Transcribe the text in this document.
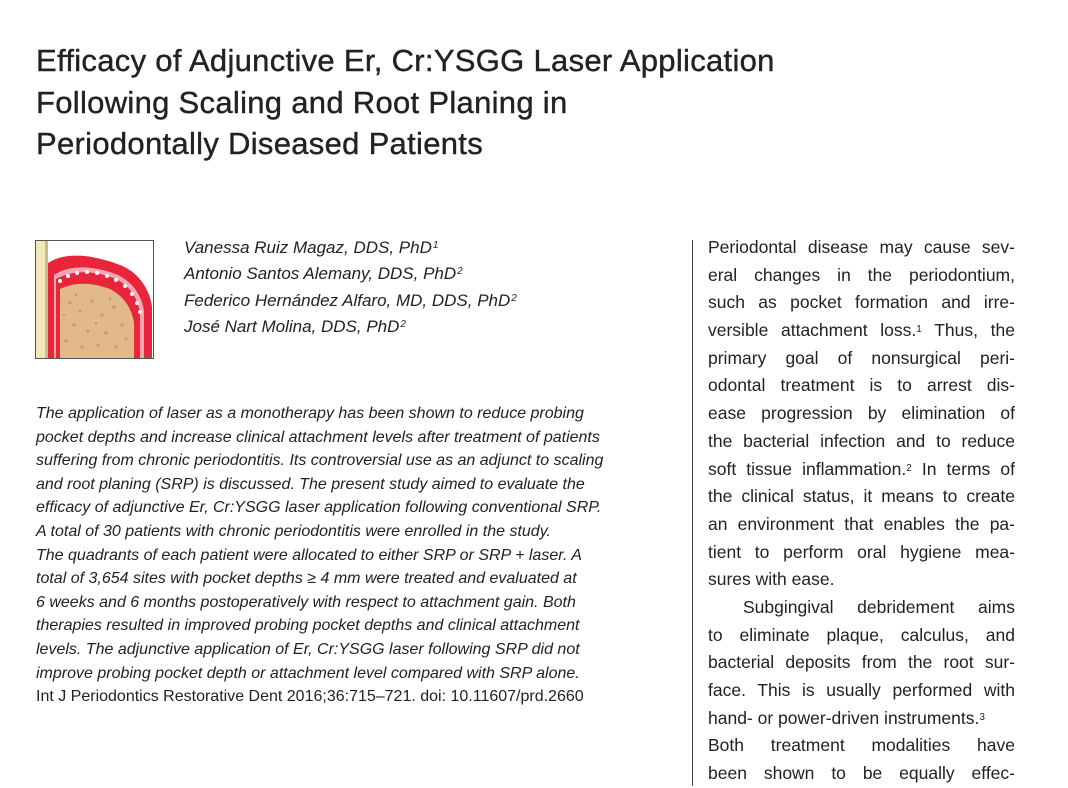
Efficacy of Adjunctive Er, Cr:YSGG Laser Application
Following Scaling and Root Planing in
Periodontally Diseased Patients
Vanessa Ruiz Magaz, DDS, PhD$^1$
Antonio Santos Alemany, DDS, PhD$^2$
Federico Hernández Alfaro, MD, DDS, PhD$^2$
José Nart Molina, DDS, PhD$^2$
The application of laser as a monotherapy has been shown to reduce probing
pocket depths and increase clinical attachment levels after treatment of patients
suffering from chronic periodontitis. Its controversial use as an adjunct to scaling
and root planing (SRP) is discussed. The present study aimed to evaluate the
efficacy of adjunctive Er, Cr:YSGG laser application following conventional SRP.
A total of 30 patients with chronic periodontitis were enrolled in the study.
The quadrants of each patient were allocated to either SRP or SRP + laser. A
total of 3,654 sites with pocket depths ≥ 4 mm were treated and evaluated at
6 weeks and 6 months postoperatively with respect to attachment gain. Both
therapies resulted in improved probing pocket depths and clinical attachment
levels. The adjunctive application of Er, Cr:YSGG laser following SRP did not
improve probing pocket depth or attachment level compared with SRP alone.
Int J Periodontics Restorative Dent 2016;36:715–721. doi: 10.11607/prd.2660
Periodontal disease may cause sev-
eral changes in the periodontium,
such as pocket formation and irre-
versible attachment loss.$^1$ Thus, the
primary goal of nonsurgical peri-
odontal treatment is to arrest dis-
ease progression by elimination of
the bacterial infection and to reduce
soft tissue inflammation.$^2$ In terms of
the clinical status, it means to create
an environment that enables the pa-
tient to perform oral hygiene mea-
sures with ease.
Subgingival debridement aims
to eliminate plaque, calculus, and
bacterial deposits from the root sur-
face. This is usually performed with
hand- or power-driven instruments.$^3$
Both treatment modalities have
been shown to be equally effec-
